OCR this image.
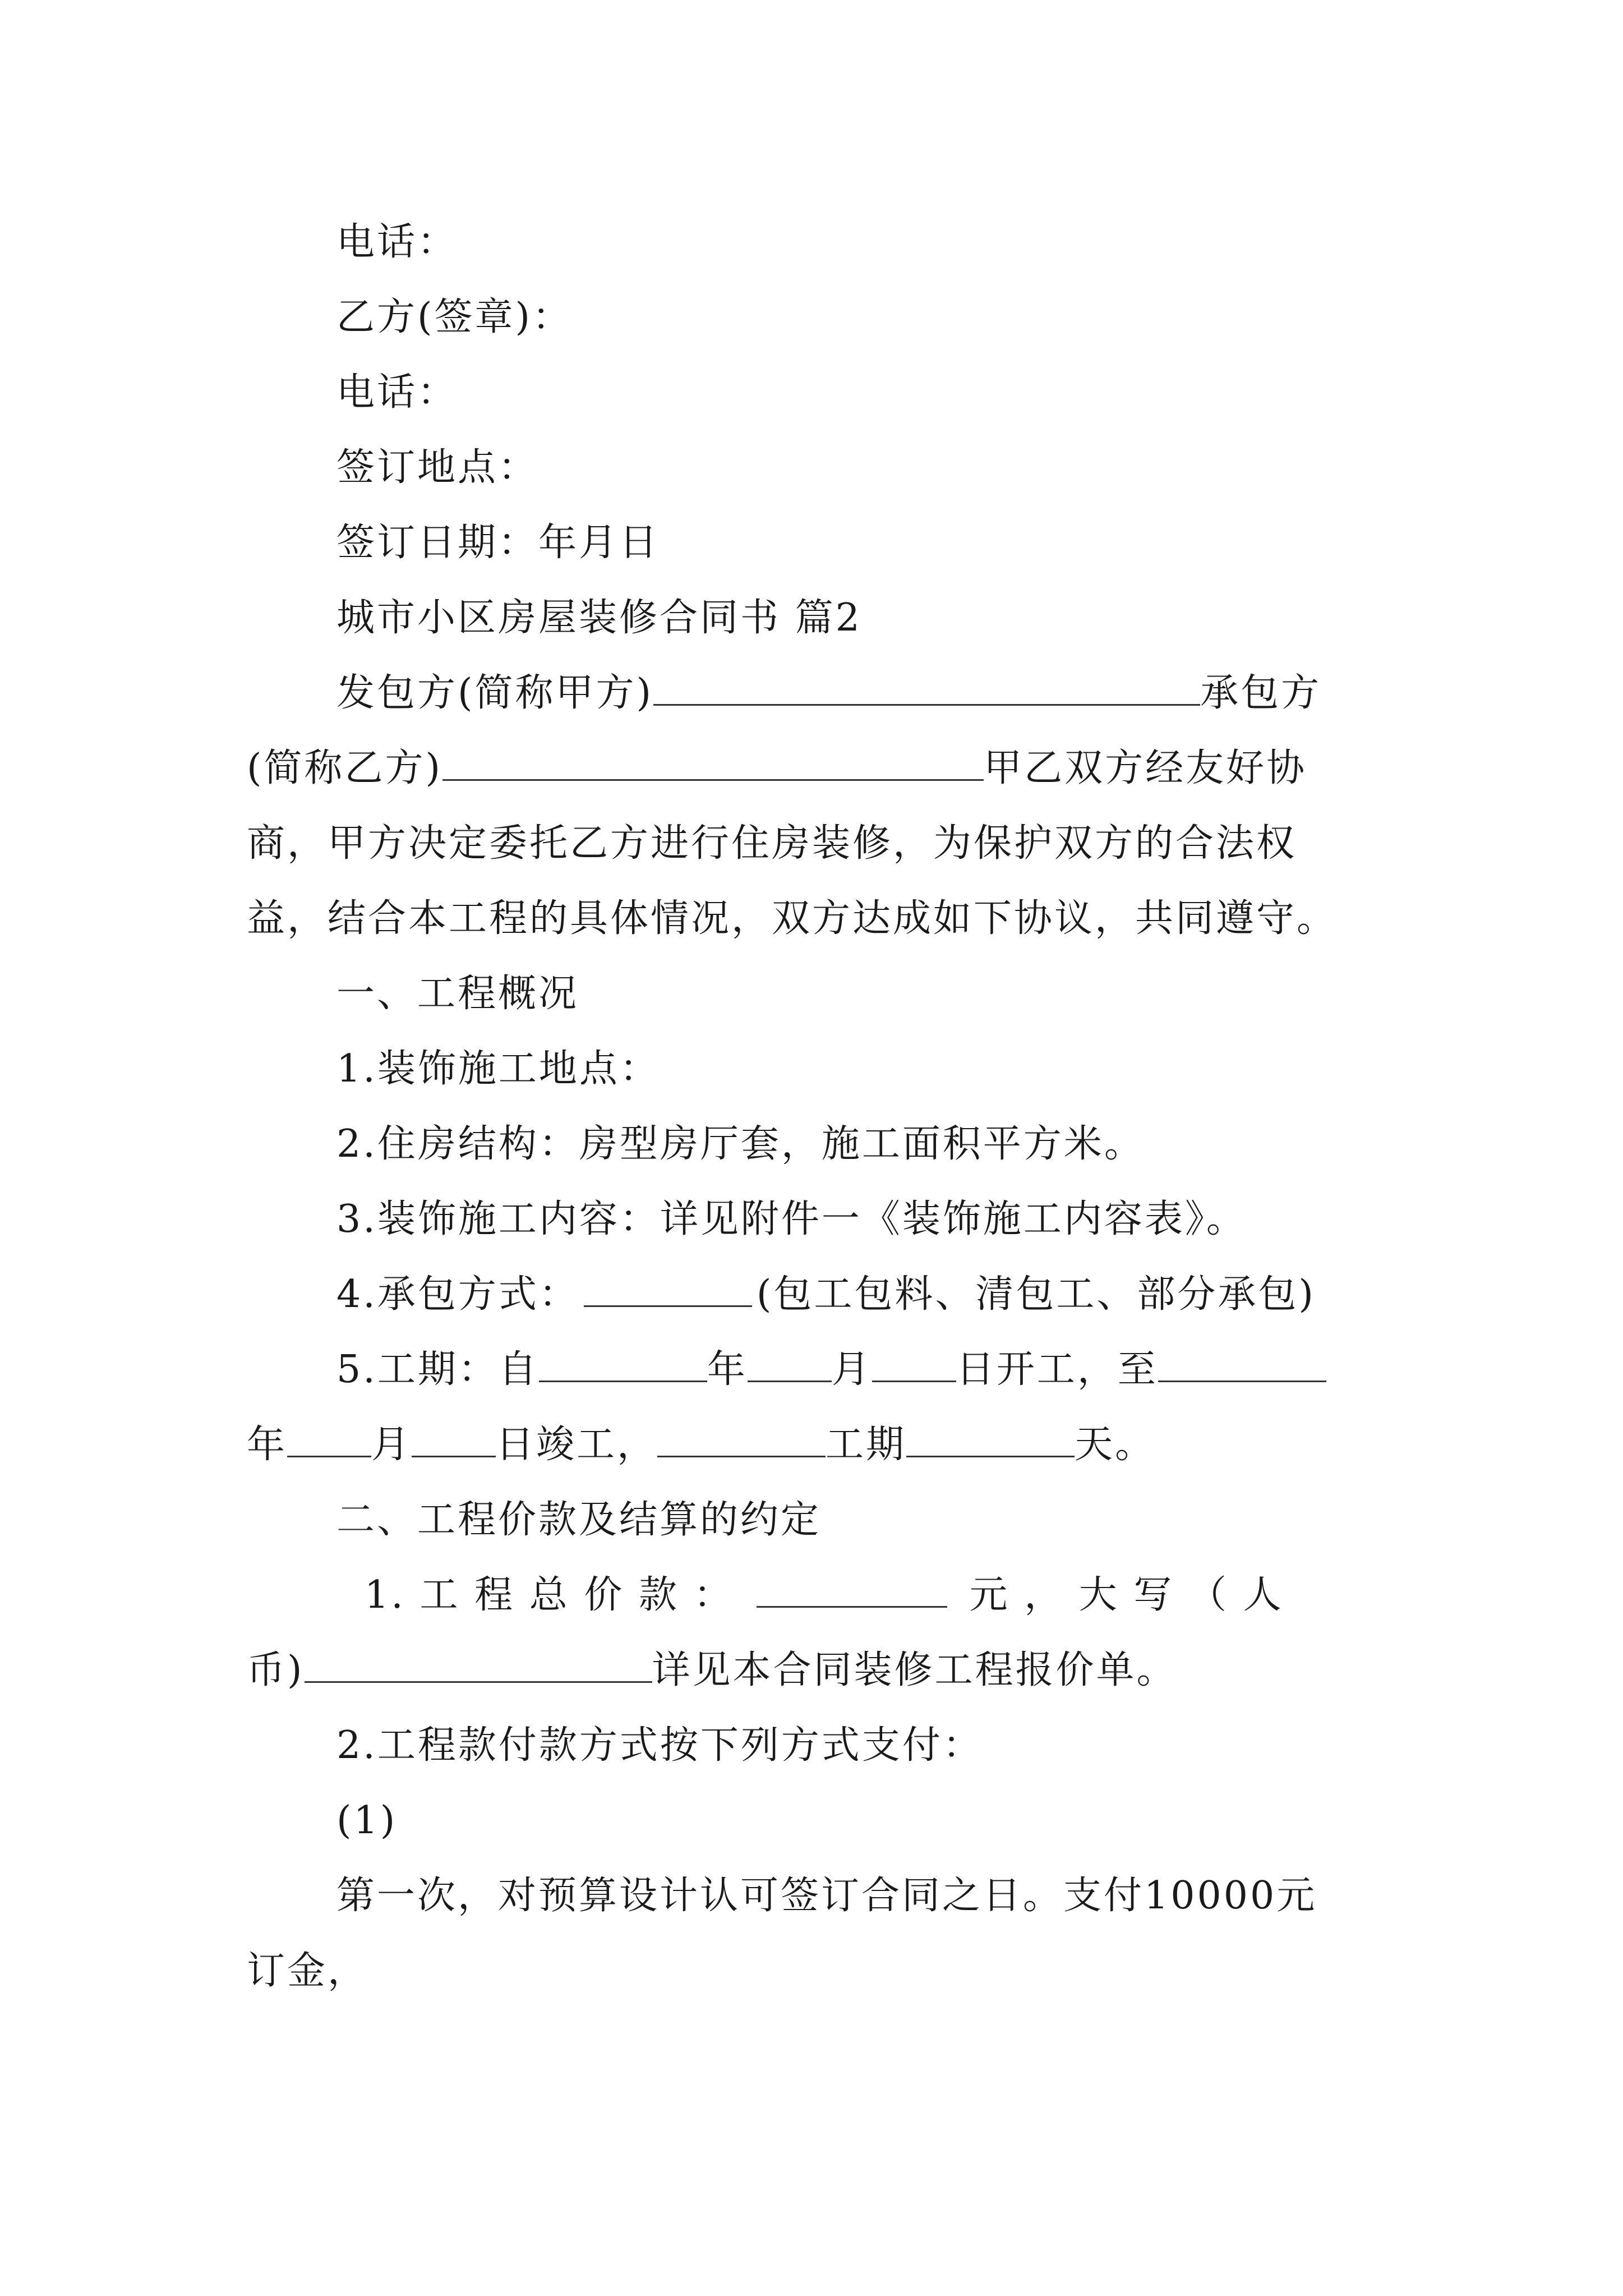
电话：
乙方(签章)：
电话：
签订地点：
签订日期：年月日
城市小区房屋装修合同书 篇2
发包方(简称甲方)	承包方
(简称乙方)	甲乙双方经友好协
商，甲方决定委托乙方进行住房装修，为保护双方的合法权
益，结合本工程的具体情况，双方达成如下协议，共同遵守。
一、工程概况
1.装饰施工地点：
2.住房结构：房型房厅套，施工面积平方米。
3.装饰施工内容：详见附件一《装饰施工内容表》。
4.承包方式：	(包工包料、清包工、部分承包)
5.工期：自	年 月 日开工，至
年 月 日竣工，	工期	天。
二、工程价款及结算的约定
1. 工 程 总 价 款 ：	元 ， 大 写 （ 人
币)	详见本合同装修工程报价单。
2.工程款付款方式按下列方式支付：
(1)
第一次，对预算设计认可签订合同之日。支付10000元
订金，
